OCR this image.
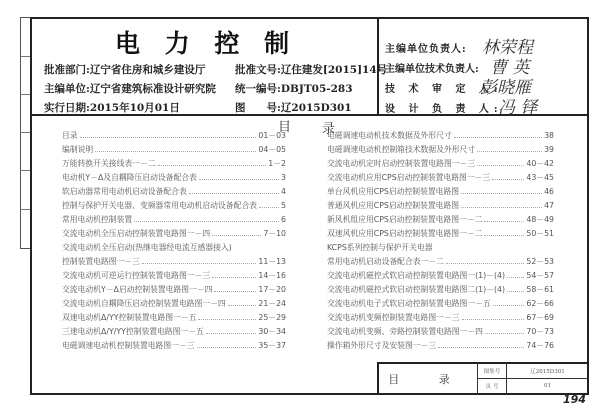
电 力 控 制
批准部门:辽宁省住房和城乡建设厅	批准文号:辽住建发[2015]14号
主编单位:辽宁省建筑标准设计研究院 统一编号:DBJT05-283
实行日期:2015年10月01日	图　　号:辽2015D301
主编单位负责人: 林荣程
主编单位技术负责人: 曹 英
技 术 审 定 人:
彭晓雁
设 计 负 责 人:
冯 铎
目 录
目录	01－03
编制说明	04－05
万能转换开关接线表一－二	1－2
电动机Y－Δ及自耦降压启动设备配合表	3
软启动器常用电动机启动设备配合表	4
控制与保护开关电器、变频器常用电动机启动设备配合表	5
常用电动机控制装置	6
交流电动机全压启动控制装置电路图一－四	7－10
交流电动机全压启动(热继电器经电流互感器接入)
控制装置电路图一－三	11－13
交流电动机可逆运行控制装置电路图一－三	14－16
交流电动机Y－Δ启动控制装置电路图一－四	17－20
交流电动机自耦降压启动控制装置电路图一－四	21－24
双速电动机Δ/YY控制装置电路图一－五	25－29
三速电动机Δ/Y/YY控制装置电路图一－五	30－34
电磁调速电动机控制装置电路图一－三	35－37
电磁调速电动机技术数据及外形尺寸	38
电磁调速电动机控制箱技术数据及外形尺寸	39
交流电动机定时启动控制装置电路图一－三	40－42
交流电动机应用CPS启动控制装置电路图一－三	43－45
单台风机应用CPS启动控制装置电路图	46
普通风机应用CPS启动控制装置电路图	47
新风机组应用CPS启动控制装置电路图一－二	48－49
双速风机应用CPS启动控制装置电路图一－二	50－51
KCPS系列控制与保护开关电器
常用电动机启动设备配合表一－二	52－53
交流电动机磁控式软启动控制装置电路图一(1)－(4)	54－57
交流电动机磁控式软启动控制装置电路图二(1)－(4)	58－61
交流电动机电子式软启动控制装置电路图一－五	62－66
交流电动机变频控制装置电路图一－三	67－69
交流电动机变频、旁路控制装置电路图一－四	70－73
操作箱外形尺寸及安装图一－三	74－76
目 录
图集号	辽2015D301
页 号	01
194
